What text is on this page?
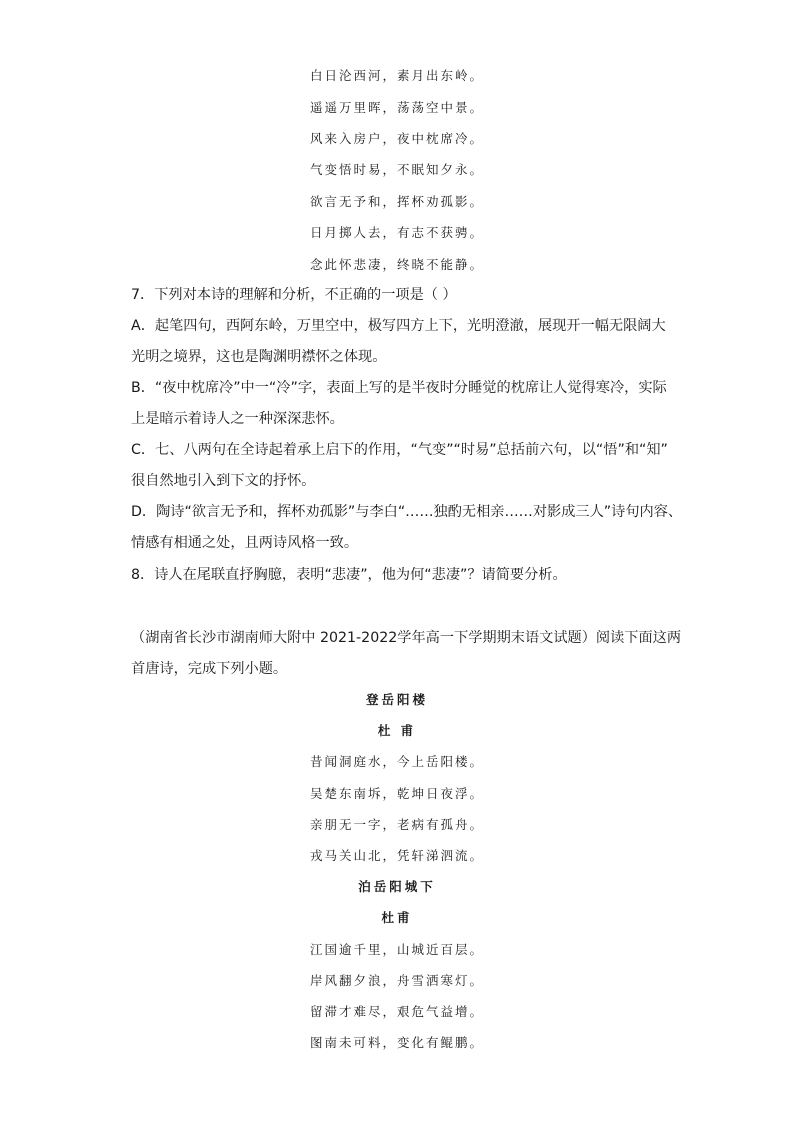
白日沦西河，素月出东岭。
遥遥万里晖，荡荡空中景。
风来入房户，夜中枕席冷。
气变悟时易，不眠知夕永。
欲言无予和，挥杯劝孤影。
日月掷人去，有志不获骋。
念此怀悲凄，终晓不能静。
7．下列对本诗的理解和分析，不正确的一项是（ ）
A．起笔四句，西阿东岭，万里空中，极写四方上下，光明澄澈，展现开一幅无限阔大
光明之境界，这也是陶渊明襟怀之体现。
B．“夜中枕席冷”中一“冷”字，表面上写的是半夜时分睡觉的枕席让人觉得寒冷，实际
上是暗示着诗人之一种深深悲怀。
C．七、八两句在全诗起着承上启下的作用，“气变”“时易”总括前六句，以“悟”和“知”
很自然地引入到下文的抒怀。
D．陶诗“欲言无予和，挥杯劝孤影”与李白“……独酌无相亲……对影成三人”诗句内容、
情感有相通之处，且两诗风格一致。
8．诗人在尾联直抒胸臆，表明“悲凄”，他为何“悲凄”？请简要分析。
（湖南省长沙市湖南师大附中 2021-2022学年高一下学期期末语文试题）阅读下面这两
首唐诗，完成下列小题。
登岳阳楼
杜 甫
昔闻洞庭水，今上岳阳楼。
吴楚东南坼，乾坤日夜浮。
亲朋无一字，老病有孤舟。
戎马关山北，凭轩涕泗流。
泊岳阳城下
杜甫
江国逾千里，山城近百层。
岸风翻夕浪，舟雪洒寒灯。
留滞才难尽，艰危气益增。
图南未可料，变化有鲲鹏。
